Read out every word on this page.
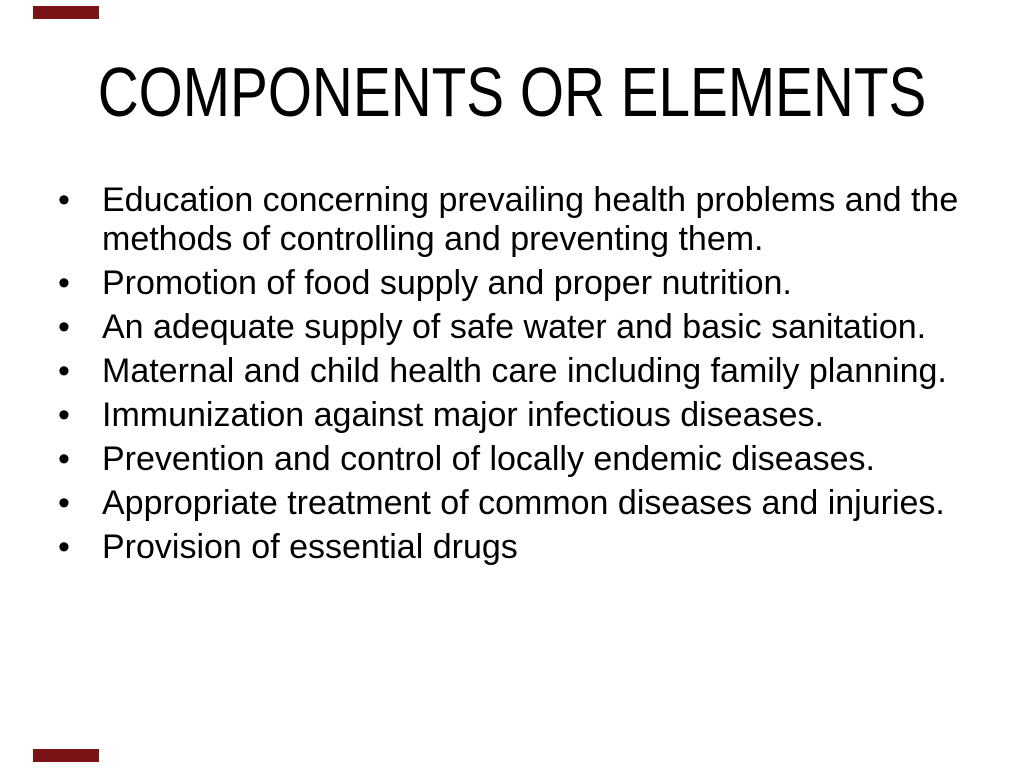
COMPONENTS OR ELEMENTS
• Education concerning prevailing health problems and the methods of controlling and preventing them.

• Promotion of food supply and proper nutrition.

• An adequate supply of safe water and basic sanitation.

• Maternal and child health care including family planning.

• Immunization against major infectious diseases.

• Prevention and control of locally endemic diseases.

• Appropriate treatment of common diseases and injuries.

• Provision of essential drugs
